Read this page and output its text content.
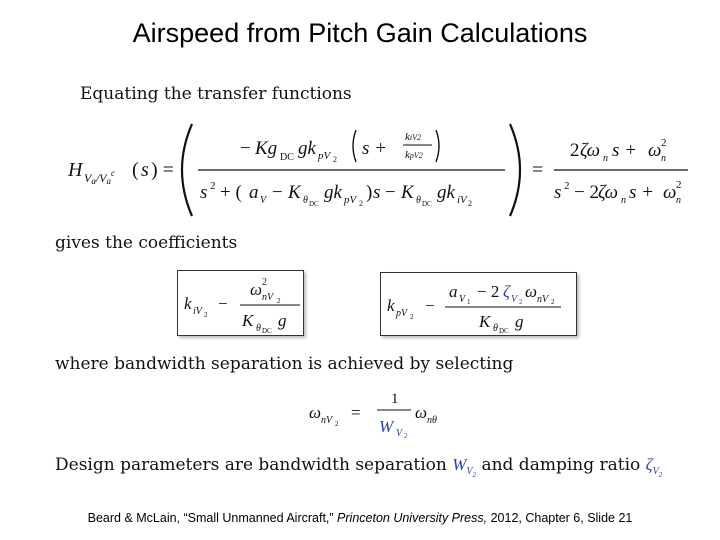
Airspeed from Pitch Gain Calculations
Equating the transfer functions
H Va/Va$^c$ ( s ) =
− Kg DC gk pV 2
s +
kiV2
kpV2
s 2 + ( a V − K θ DC
gk pV 2
) s − K θ DC
gk iV 2
=
2 ζω n s + ω n
2
s 2 − 2 ζω n s + ω n
2
gives the coefficients
k iV 2
−
ω 2
nV 2
K θ DC
g
k pV 2
−
a V 1
− 2 ζ V 2
ω nV 2
K θ DC g
where bandwidth separation is achieved by selecting
ω nV 2
=
1
W V 2
ω nθ
Design parameters are bandwidth separation $W_{V_2}$ and damping ratio $\zeta_{V_2}$
Beard & McLain, “Small Unmanned Aircraft,” Princeton University Press, 2012, Chapter 6, Slide 21
